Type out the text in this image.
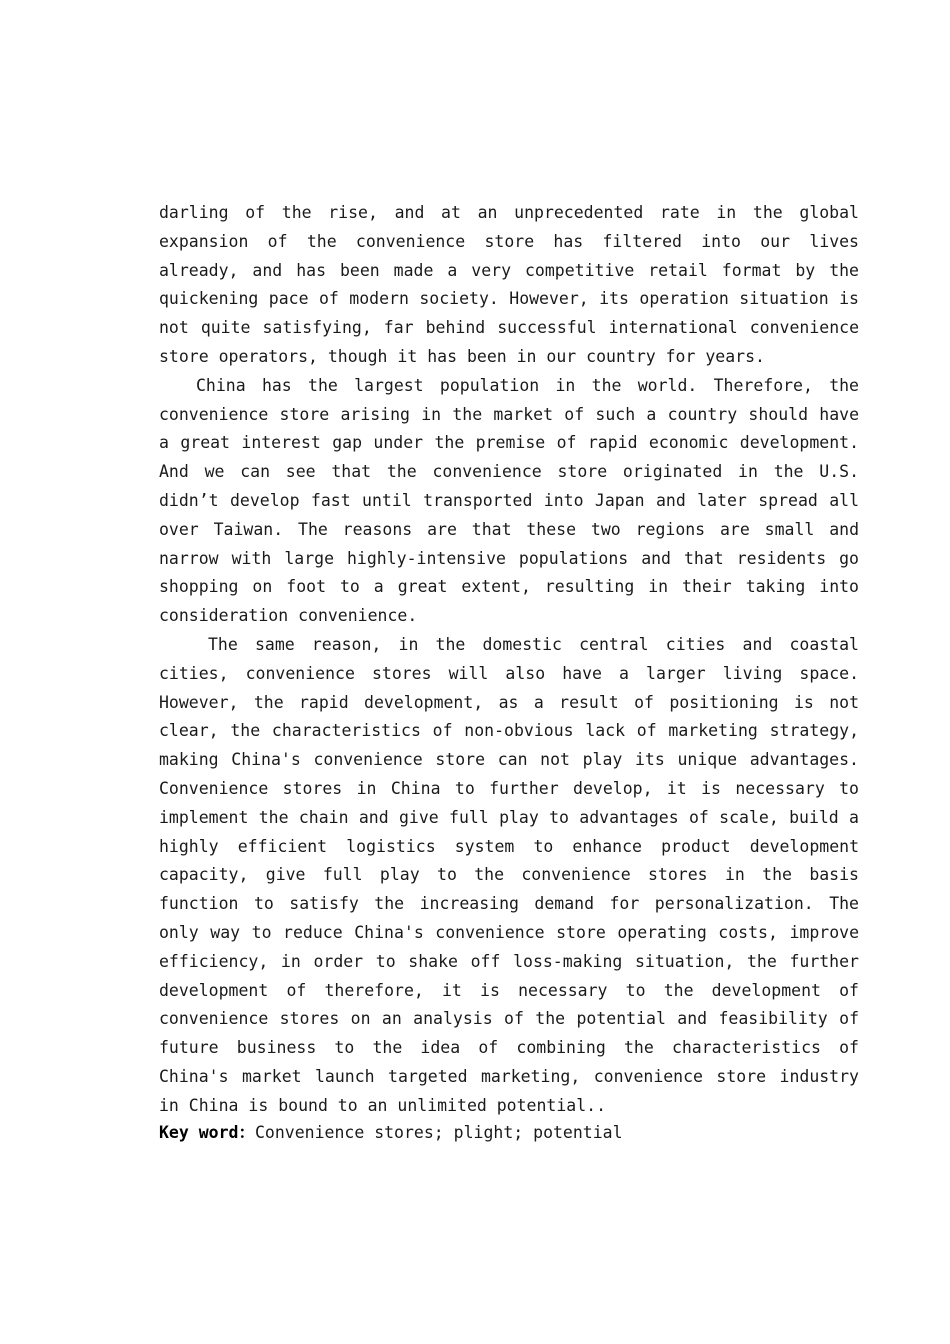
darling of the rise, and at an unprecedented rate in the global expansion of the convenience store has filtered into our lives already, and has been made a very competitive retail format by the quickening pace of modern society. However, its operation situation is not quite satisfying, far behind successful international convenience store operators, though it has been in our country for years.

China has the largest population in the world. Therefore, the convenience store arising in the market of such a country should have a great interest gap under the premise of rapid economic development. And we can see that the convenience store originated in the U.S. didn’t develop fast until transported into Japan and later spread all over Taiwan. The reasons are that these two regions are small and narrow with large highly-intensive populations and that residents go shopping on foot to a great extent, resulting in their taking into consideration convenience.

The same reason, in the domestic central cities and coastal cities, convenience stores will also have a larger living space. However, the rapid development, as a result of positioning is not clear, the characteristics of non-obvious lack of marketing strategy, making China's convenience store can not play its unique advantages. Convenience stores in China to further develop, it is necessary to implement the chain and give full play to advantages of scale, build a highly efficient logistics system to enhance product development capacity, give full play to the convenience stores in the basis function to satisfy the increasing demand for personalization. The only way to reduce China's convenience store operating costs, improve efficiency, in order to shake off loss-making situation, the further development of therefore, it is necessary to the development of convenience stores on an analysis of the potential and feasibility of future business to the idea of combining the characteristics of China's market launch targeted marketing, convenience store industry in China is bound to an unlimited potential..

Key word：Convenience stores; plight; potential
